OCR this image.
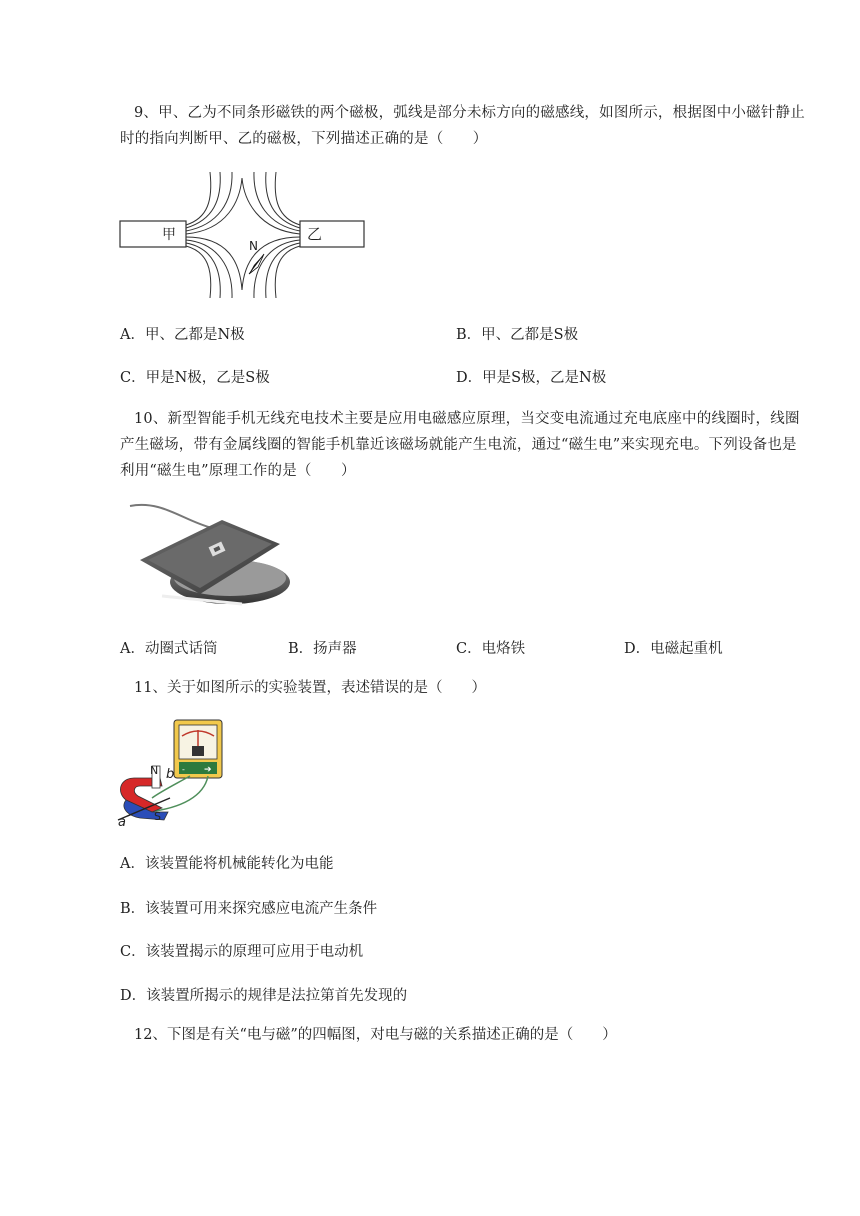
9、甲、乙为不同条形磁铁的两个磁极，弧线是部分未标方向的磁感线，如图所示，根据图中小磁针静止时的指向判断甲、乙的磁极，下列描述正确的是（　　）
甲	乙
N
A．甲、乙都是N极	B．甲、乙都是S极
C．甲是N极，乙是S极	D．甲是S极，乙是N极
10、新型智能手机无线充电技术主要是应用电磁感应原理，当交变电流通过充电底座中的线圈时，线圈产生磁场，带有金属线圈的智能手机靠近该磁场就能产生电流，通过“磁生电”来实现充电。下列设备也是利用“磁生电”原理工作的是（　　）
A．动圈式话筒	B．扬声器	C．电烙铁	D．电磁起重机
11、关于如图所示的实验装置，表述错误的是（　　）
- ➔
N b
a	S
A．该装置能将机械能转化为电能
B．该装置可用来探究感应电流产生条件
C．该装置揭示的原理可应用于电动机
D．该装置所揭示的规律是法拉第首先发现的
12、下图是有关“电与磁”的四幅图，对电与磁的关系描述正确的是（　　）
